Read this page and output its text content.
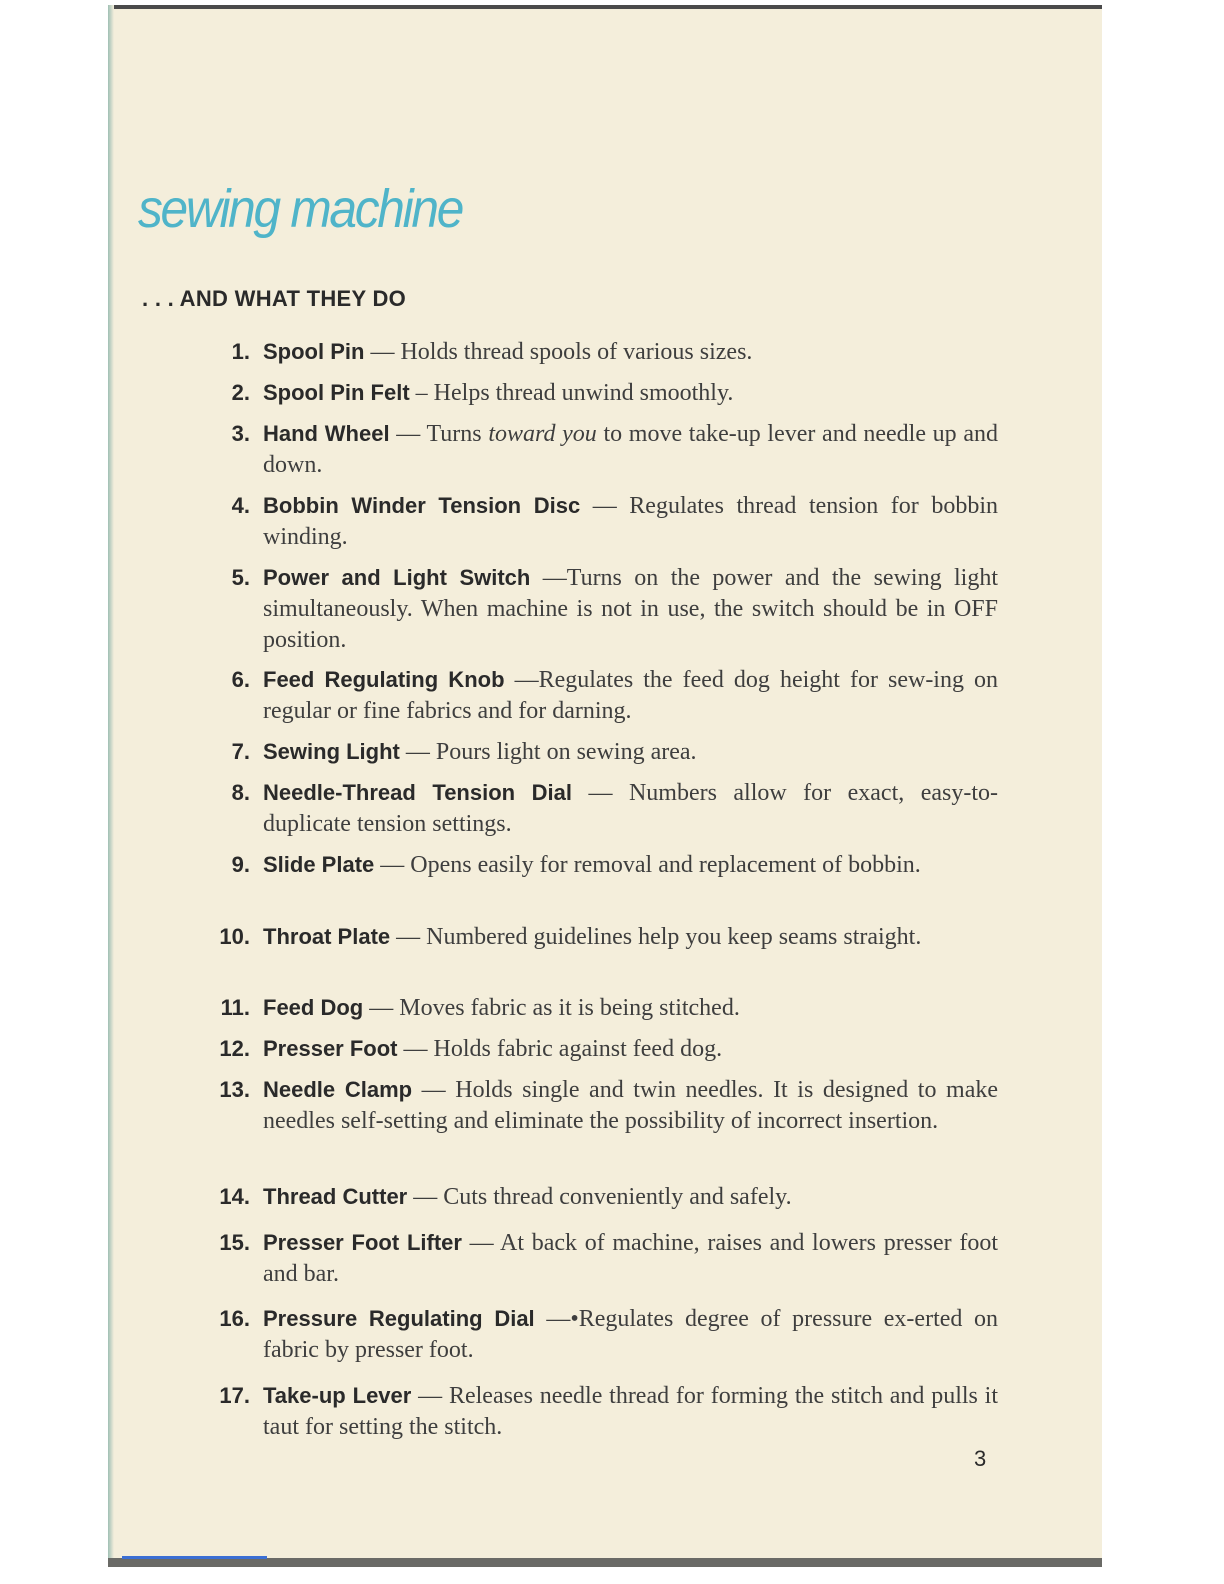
sewing machine
. . . AND WHAT THEY DO
1. Spool Pin — Holds thread spools of various sizes.
2. Spool Pin Felt – Helps thread unwind smoothly.
3. Hand Wheel — Turns toward you to move take-up lever and needle up and down.
4. Bobbin Winder Tension Disc — Regulates thread tension for bobbin winding.
5. Power and Light Switch —Turns on the power and the sewing light simultaneously. When machine is not in use, the switch should be in OFF position.
6. Feed Regulating Knob —Regulates the feed dog height for sew-ing on regular or fine fabrics and for darning.
7. Sewing Light — Pours light on sewing area.
8. Needle-Thread Tension Dial — Numbers allow for exact, easy-to-duplicate tension settings.
9. Slide Plate — Opens easily for removal and replacement of bobbin.
10. Throat Plate — Numbered guidelines help you keep seams straight.
11. Feed Dog — Moves fabric as it is being stitched.
12. Presser Foot — Holds fabric against feed dog.
13. Needle Clamp — Holds single and twin needles. It is designed to make needles self-setting and eliminate the possibility of incorrect insertion.
14. Thread Cutter — Cuts thread conveniently and safely.
15. Presser Foot Lifter — At back of machine, raises and lowers presser foot and bar.
16. Pressure Regulating Dial —•Regulates degree of pressure ex-erted on fabric by presser foot.
17. Take-up Lever — Releases needle thread for forming the stitch and pulls it taut for setting the stitch.
3
